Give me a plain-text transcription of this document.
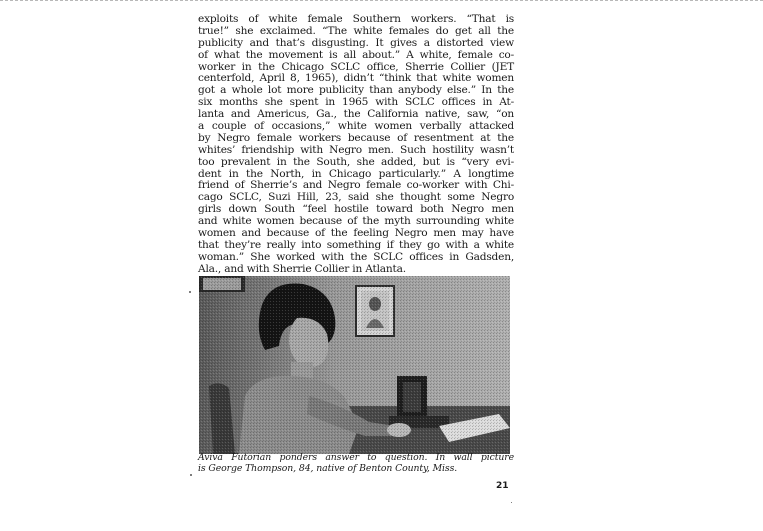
exploits of white female Southern workers. “That is
true!” she exclaimed. “The white females do get all the
publicity and that’s disgusting. It gives a distorted view
of what the movement is all about.” A white, female co-
worker in the Chicago SCLC office, Sherrie Collier (JET
centerfold, April 8, 1965), didn’t “think that white women
got a whole lot more publicity than anybody else.” In the
six months she spent in 1965 with SCLC offices in At-
lanta and Americus, Ga., the California native, saw, “on
a couple of occasions,” white women verbally attacked
by Negro female workers because of resentment at the
whites’ friendship with Negro men. Such hostility wasn’t
too prevalent in the South, she added, but is “very evi-
dent in the North, in Chicago particularly.” A longtime
friend of Sherrie’s and Negro female co-worker with Chi-
cago SCLC, Suzi Hill, 23, said she thought some Negro
girls down South “feel hostile toward both Negro men
and white women because of the myth surrounding white
women and because of the feeling Negro men may have
that they’re really into something if they go with a white
woman.” She worked with the SCLC offices in Gadsden,
Ala., and with Sherrie Collier in Atlanta.
Aviva Futorian ponders answer to question. In wall picture
is George Thompson, 84, native of Benton County, Miss.
21
